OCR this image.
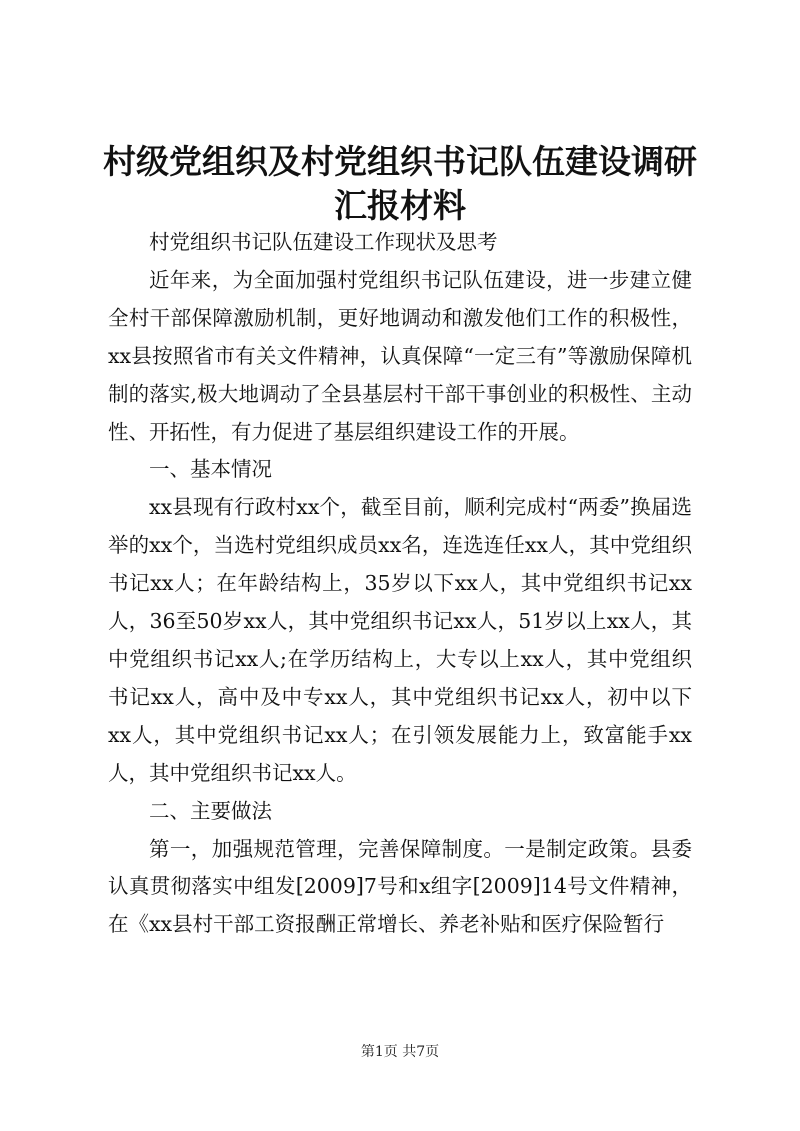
村级党组织及村党组织书记队伍建设调研汇报材料

村党组织书记队伍建设工作现状及思考

近年来，为全面加强村党组织书记队伍建设，进一步建立健全村干部保障激励机制，更好地调动和激发他们工作的积极性，xx县按照省市有关文件精神，认真保障“一定三有”等激励保障机制的落实,极大地调动了全县基层村干部干事创业的积极性、主动性、开拓性，有力促进了基层组织建设工作的开展。

一、基本情况

xx县现有行政村xx个，截至目前，顺利完成村“两委”换届选举的xx个，当选村党组织成员xx名，连选连任xx人，其中党组织书记xx人；在年龄结构上，35岁以下xx人，其中党组织书记xx人，36至50岁xx人，其中党组织书记xx人，51岁以上xx人，其中党组织书记xx人;在学历结构上，大专以上xx人，其中党组织书记xx人，高中及中专xx人，其中党组织书记xx人，初中以下xx人，其中党组织书记xx人；在引领发展能力上，致富能手xx人，其中党组织书记xx人。

二、主要做法

第一，加强规范管理，完善保障制度。一是制定政策。县委认真贯彻落实中组发[2009]7号和x组字[2009]14号文件精神，在《xx县村干部工资报酬正常增长、养老补贴和医疗保险暂行

第1页 共7页
